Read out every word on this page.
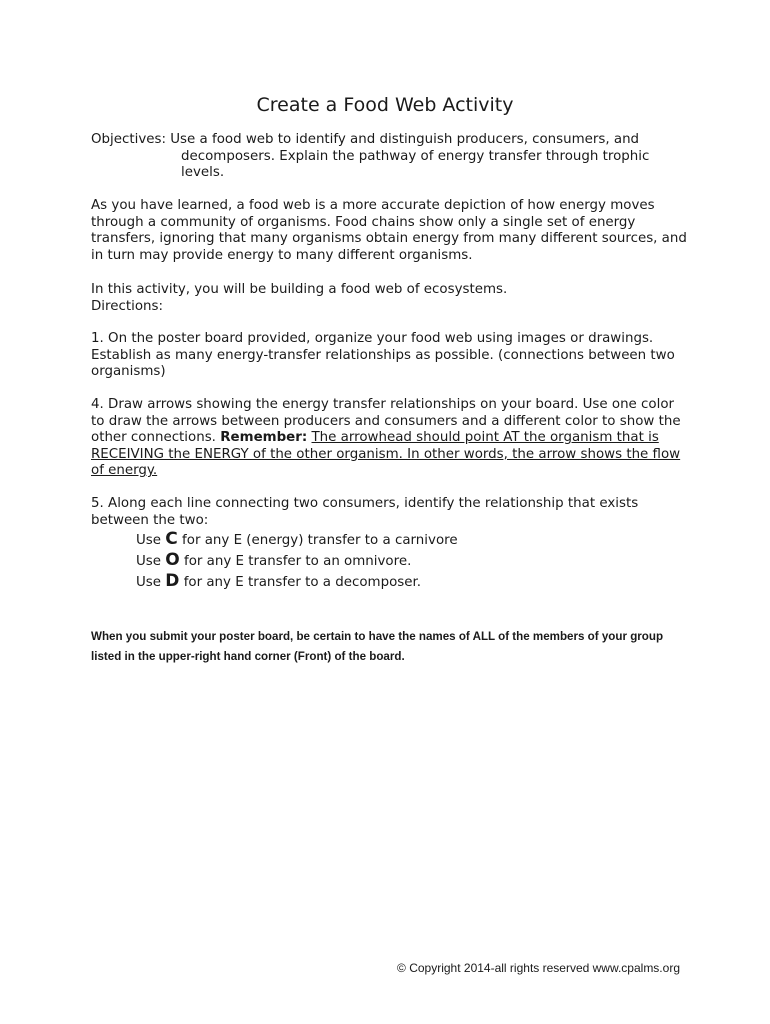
Create a Food Web Activity
Objectives: Use a food web to identify and distinguish producers, consumers, and
decomposers. Explain the pathway of energy transfer through trophic levels.

As you have learned, a food web is a more accurate depiction of how energy moves through a community of organisms. Food chains show only a single set of energy transfers, ignoring that many organisms obtain energy from many different sources, and in turn may provide energy to many different organisms.

In this activity, you will be building a food web of ecosystems.
Directions:

1. On the poster board provided, organize your food web using images or drawings. Establish as many energy-transfer relationships as possible. (connections between two organisms)

4. Draw arrows showing the energy transfer relationships on your board. Use one color to draw the arrows between producers and consumers and a different color to show the other connections. Remember: The arrowhead should point AT the organism that is RECEIVING the ENERGY of the other organism. In other words, the arrow shows the flow of energy.

5. Along each line connecting two consumers, identify the relationship that exists between the two:

Use C for any E (energy) transfer to a carnivore
Use O for any E transfer to an omnivore.
Use D for any E transfer to a decomposer.

When you submit your poster board, be certain to have the names of ALL of the members of your group listed in the upper-right hand corner (Front) of the board.

© Copyright 2014-all rights reserved www.cpalms.org
